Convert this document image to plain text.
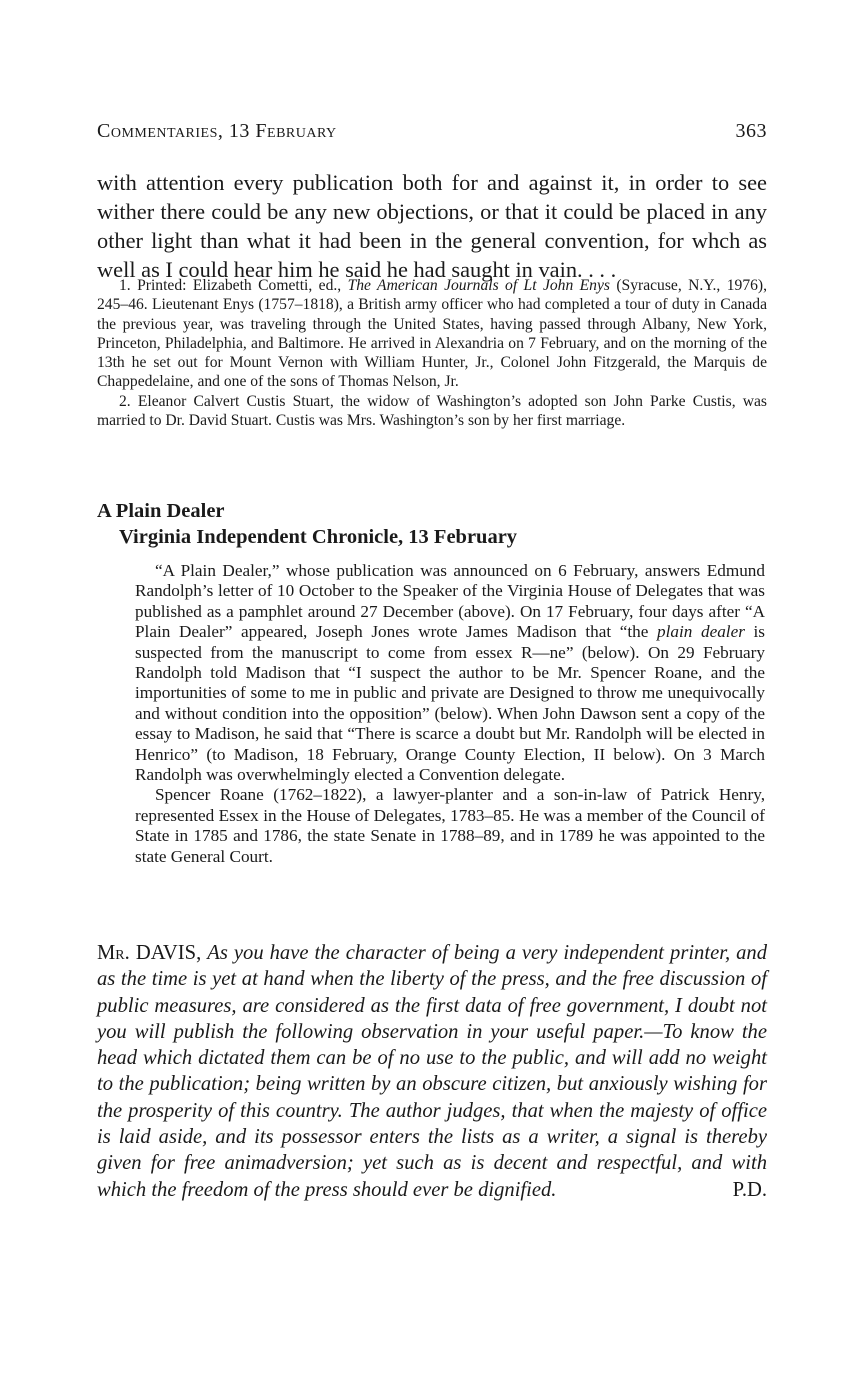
Commentaries, 13 February	363
with attention every publication both for and against it, in order to see wither there could be any new objections, or that it could be placed in any other light than what it had been in the general convention, for whch as well as I could hear him he said he had saught in vain. . . .

1. Printed: Elizabeth Cometti, ed., The American Journals of Lt John Enys (Syracuse, N.Y., 1976), 245–46. Lieutenant Enys (1757–1818), a British army officer who had completed a tour of duty in Canada the previous year, was traveling through the United States, having passed through Albany, New York, Princeton, Philadelphia, and Baltimore. He arrived in Alexandria on 7 February, and on the morning of the 13th he set out for Mount Vernon with William Hunter, Jr., Colonel John Fitzgerald, the Marquis de Chappedelaine, and one of the sons of Thomas Nelson, Jr.

2. Eleanor Calvert Custis Stuart, the widow of Washington’s adopted son John Parke Custis, was married to Dr. David Stuart. Custis was Mrs. Washington’s son by her first marriage.

A Plain Dealer
Virginia Independent Chronicle, 13 February

“A Plain Dealer,” whose publication was announced on 6 February, answers Edmund Randolph’s letter of 10 October to the Speaker of the Virginia House of Delegates that was published as a pamphlet around 27 December (above). On 17 February, four days after “A Plain Dealer” appeared, Joseph Jones wrote James Madison that “the plain dealer is suspected from the manuscript to come from essex R—ne” (below). On 29 February Randolph told Madison that “I suspect the author to be Mr. Spencer Roane, and the importunities of some to me in public and private are Designed to throw me unequivocally and without condition into the opposition” (below). When John Dawson sent a copy of the essay to Madison, he said that “There is scarce a doubt but Mr. Randolph will be elected in Henrico” (to Madison, 18 February, Orange County Election, II below). On 3 March Randolph was overwhelmingly elected a Convention delegate.

Spencer Roane (1762–1822), a lawyer-planter and a son-in-law of Patrick Henry, represented Essex in the House of Delegates, 1783–85. He was a member of the Council of State in 1785 and 1786, the state Senate in 1788–89, and in 1789 he was appointed to the state General Court.

Mr. DAVIS, As you have the character of being a very independent printer, and as the time is yet at hand when the liberty of the press, and the free discussion of public measures, are considered as the first data of free government, I doubt not you will publish the following observation in your useful paper.—To know the head which dictated them can be of no use to the public, and will add no weight to the publication; being written by an obscure citizen, but anxiously wishing for the prosperity of this country. The author judges, that when the majesty of office is laid aside, and its possessor enters the lists as a writer, a signal is thereby given for free animadversion; yet such as is decent and respectful, and with which the freedom of the press should ever be dignified.	P.D.
